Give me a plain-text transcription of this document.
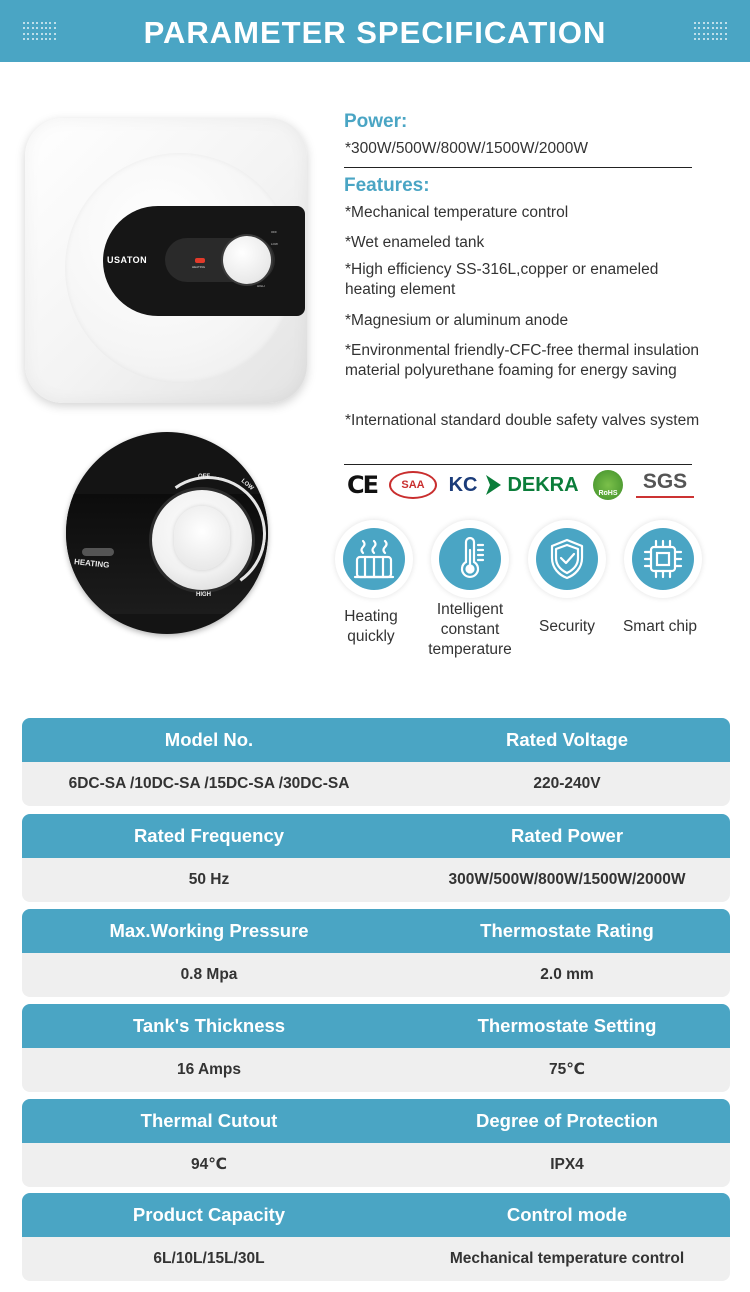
PARAMETER SPECIFICATION
USATON
HEATING
OFF
LOW
HIGH
HEATING
OFF
LOW
HIGH
Power:
*300W/500W/800W/1500W/2000W
Features:
*Mechanical temperature control
*Wet enameled tank
*High efficiency SS-316L,copper or enameled heating element
*Magnesium or aluminum anode
*Environmental friendly-CFC-free thermal insulation material polyurethane foaming for energy saving
*International standard double safety valves system
CE	SAA	KC DEKRA	RoHS
SGS
Heating quickly
Intelligent constant temperature
Security	Smart chip
Model No.	Rated Voltage
6DC-SA /10DC-SA /15DC-SA /30DC-SA	220-240V
Rated Frequency	Rated Power
50 Hz	300W/500W/800W/1500W/2000W
Max.Working Pressure	Thermostate Rating
0.8 Mpa	2.0 mm
Tank's Thickness	Thermostate Setting
16 Amps	75℃
Thermal Cutout	Degree of Protection
94℃	IPX4
Product Capacity	Control mode
6L/10L/15L/30L	Mechanical temperature control
